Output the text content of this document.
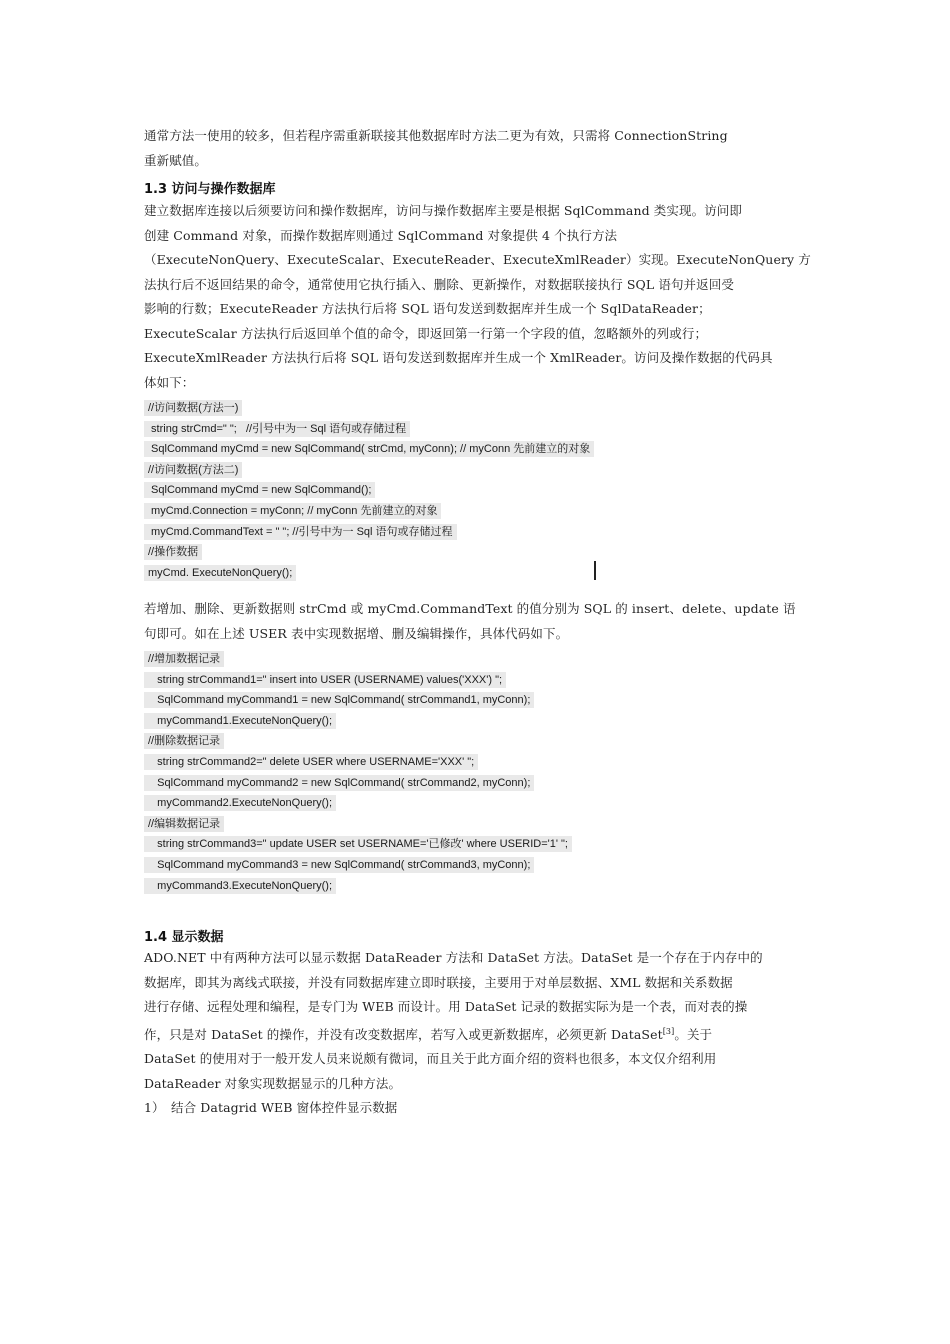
通常方法一使用的较多，但若程序需重新联接其他数据库时方法二更为有效，只需将 ConnectionString

重新赋值。

1.3 访问与操作数据库

建立数据库连接以后须要访问和操作数据库，访问与操作数据库主要是根据 SqlCommand 类实现。访问即

创建 Command 对象，而操作数据库则通过 SqlCommand 对象提供 4 个执行方法

（ExecuteNonQuery、ExecuteScalar、ExecuteReader、ExecuteXmlReader）实现。ExecuteNonQuery 方

法执行后不返回结果的命令，通常使用它执行插入、删除、更新操作，对数据联接执行 SQL 语句并返回受

影响的行数；ExecuteReader 方法执行后将 SQL 语句发送到数据库并生成一个 SqlDataReader；

ExecuteScalar 方法执行后返回单个值的命令，即返回第一行第一个字段的值，忽略额外的列或行；

ExecuteXmlReader 方法执行后将 SQL 语句发送到数据库并生成一个 XmlReader。访问及操作数据的代码具

体如下：

//访问数据(方法一)
string strCmd=" ";   //引号中为一 Sql 语句或存储过程
SqlCommand myCmd = new SqlCommand( strCmd, myConn); // myConn 先前建立的对象
//访问数据(方法二)
SqlCommand myCmd = new SqlCommand();
myCmd.Connection = myConn; // myConn 先前建立的对象
myCmd.CommandText = " "; //引号中为一 Sql 语句或存储过程
//操作数据
myCmd. ExecuteNonQuery();

若增加、删除、更新数据则 strCmd 或 myCmd.CommandText 的值分别为 SQL 的 insert、delete、update 语

句即可。如在上述 USER 表中实现数据增、删及编辑操作，具体代码如下。

//增加数据记录
string strCommand1=" insert into USER (USERNAME) values('XXX') ";
SqlCommand myCommand1 = new SqlCommand( strCommand1, myConn);
myCommand1.ExecuteNonQuery();
//删除数据记录
string strCommand2=" delete USER where USERNAME='XXX' ";
SqlCommand myCommand2 = new SqlCommand( strCommand2, myConn);
myCommand2.ExecuteNonQuery();
//编辑数据记录
string strCommand3=" update USER set USERNAME='已修改' where USERID='1' ";
SqlCommand myCommand3 = new SqlCommand( strCommand3, myConn);
myCommand3.ExecuteNonQuery();
1.4 显示数据

ADO.NET 中有两种方法可以显示数据 DataReader 方法和 DataSet 方法。DataSet 是一个存在于内存中的

数据库，即其为离线式联接，并没有同数据库建立即时联接，主要用于对单层数据、XML 数据和关系数据

进行存储、远程处理和编程，是专门为 WEB 而设计。用 DataSet 记录的数据实际为是一个表，而对表的操

作，只是对 DataSet 的操作，并没有改变数据库，若写入或更新数据库，必须更新 DataSet[3]。关于

DataSet 的使用对于一般开发人员来说颇有微词，而且关于此方面介绍的资料也很多，本文仅介绍利用

DataReader 对象实现数据显示的几种方法。

1）　结合 Datagrid WEB 窗体控件显示数据
